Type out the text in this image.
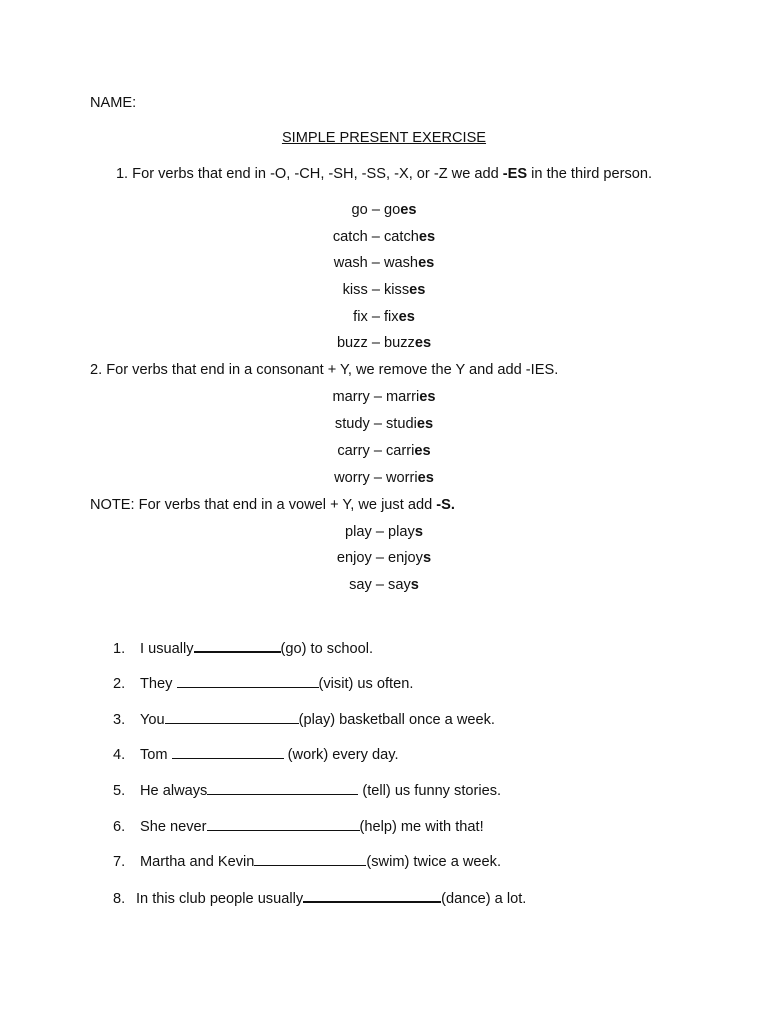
NAME:
SIMPLE PRESENT EXERCISE
1. For verbs that end in -O, -CH, -SH, -SS, -X, or -Z we add -ES in the third person.
go – goes
catch – catches
wash – washes
kiss – kisses
fix – fixes
buzz – buzzes
2. For verbs that end in a consonant + Y, we remove the Y and add -IES.
marry – marries
study – studies
carry – carries
worry – worries
NOTE: For verbs that end in a vowel + Y, we just add -S.
play – plays
enjoy – enjoys
say – says
1. I usually	(go) to school.
2. They	(visit) us often.
3. You	(play) basketball once a week.
4. Tom	(work) every day.
5. He always	(tell) us funny stories.
6. She never	(help) me with that!
7. Martha and Kevin	(swim) twice a week.
8. In this club people usually	(dance) a lot.
